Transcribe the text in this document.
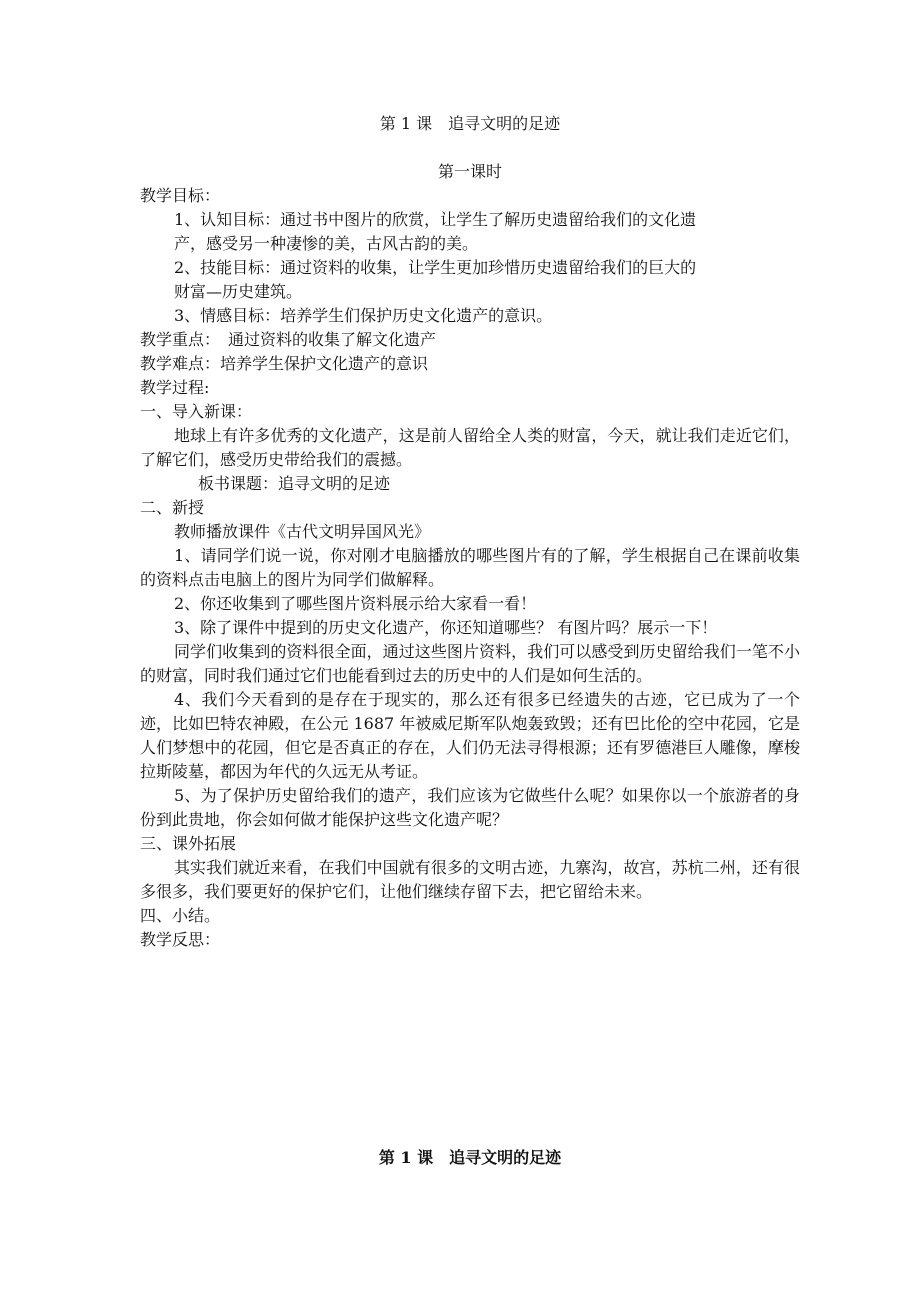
第 1 课　追寻文明的足迹

第一课时

教学目标：

1、认知目标：通过书中图片的欣赏，让学生了解历史遗留给我们的文化遗

产，感受另一种凄惨的美，古风古韵的美。

2、技能目标：通过资料的收集，让学生更加珍惜历史遗留给我们的巨大的

财富—历史建筑。

3、情感目标：培养学生们保护历史文化遗产的意识。

教学重点：　通过资料的收集了解文化遗产

教学难点：培养学生保护文化遗产的意识

教学过程:

一、导入新课：

地球上有许多优秀的文化遗产，这是前人留给全人类的财富，今天，就让我们走近它们，了解它们，感受历史带给我们的震撼。

板书课题：追寻文明的足迹

二、新授

教师播放课件《古代文明异国风光》

1、请同学们说一说，你对刚才电脑播放的哪些图片有的了解，学生根据自己在课前收集的资料点击电脑上的图片为同学们做解释。

2、你还收集到了哪些图片资料展示给大家看一看！

3、除了课件中提到的历史文化遗产，你还知道哪些？ 有图片吗？展示一下！

同学们收集到的资料很全面，通过这些图片资料，我们可以感受到历史留给我们一笔不小的财富，同时我们通过它们也能看到过去的历史中的人们是如何生活的。

4、我们今天看到的是存在于现实的，那么还有很多已经遗失的古迹，它已成为了一个迹，比如巴特农神殿，在公元 1687 年被威尼斯军队炮轰致毁；还有巴比伦的空中花园，它是人们梦想中的花园，但它是否真正的存在，人们仍无法寻得根源；还有罗德港巨人雕像，摩梭拉斯陵墓，都因为年代的久远无从考证。

5、为了保护历史留给我们的遗产，我们应该为它做些什么呢？如果你以一个旅游者的身份到此贵地，你会如何做才能保护这些文化遗产呢？

三、课外拓展

其实我们就近来看，在我们中国就有很多的文明古迹，九寨沟，故宫，苏杭二州，还有很多很多，我们要更好的保护它们，让他们继续存留下去，把它留给未来。

四、小结。

教学反思：

第 1 课　追寻文明的足迹
